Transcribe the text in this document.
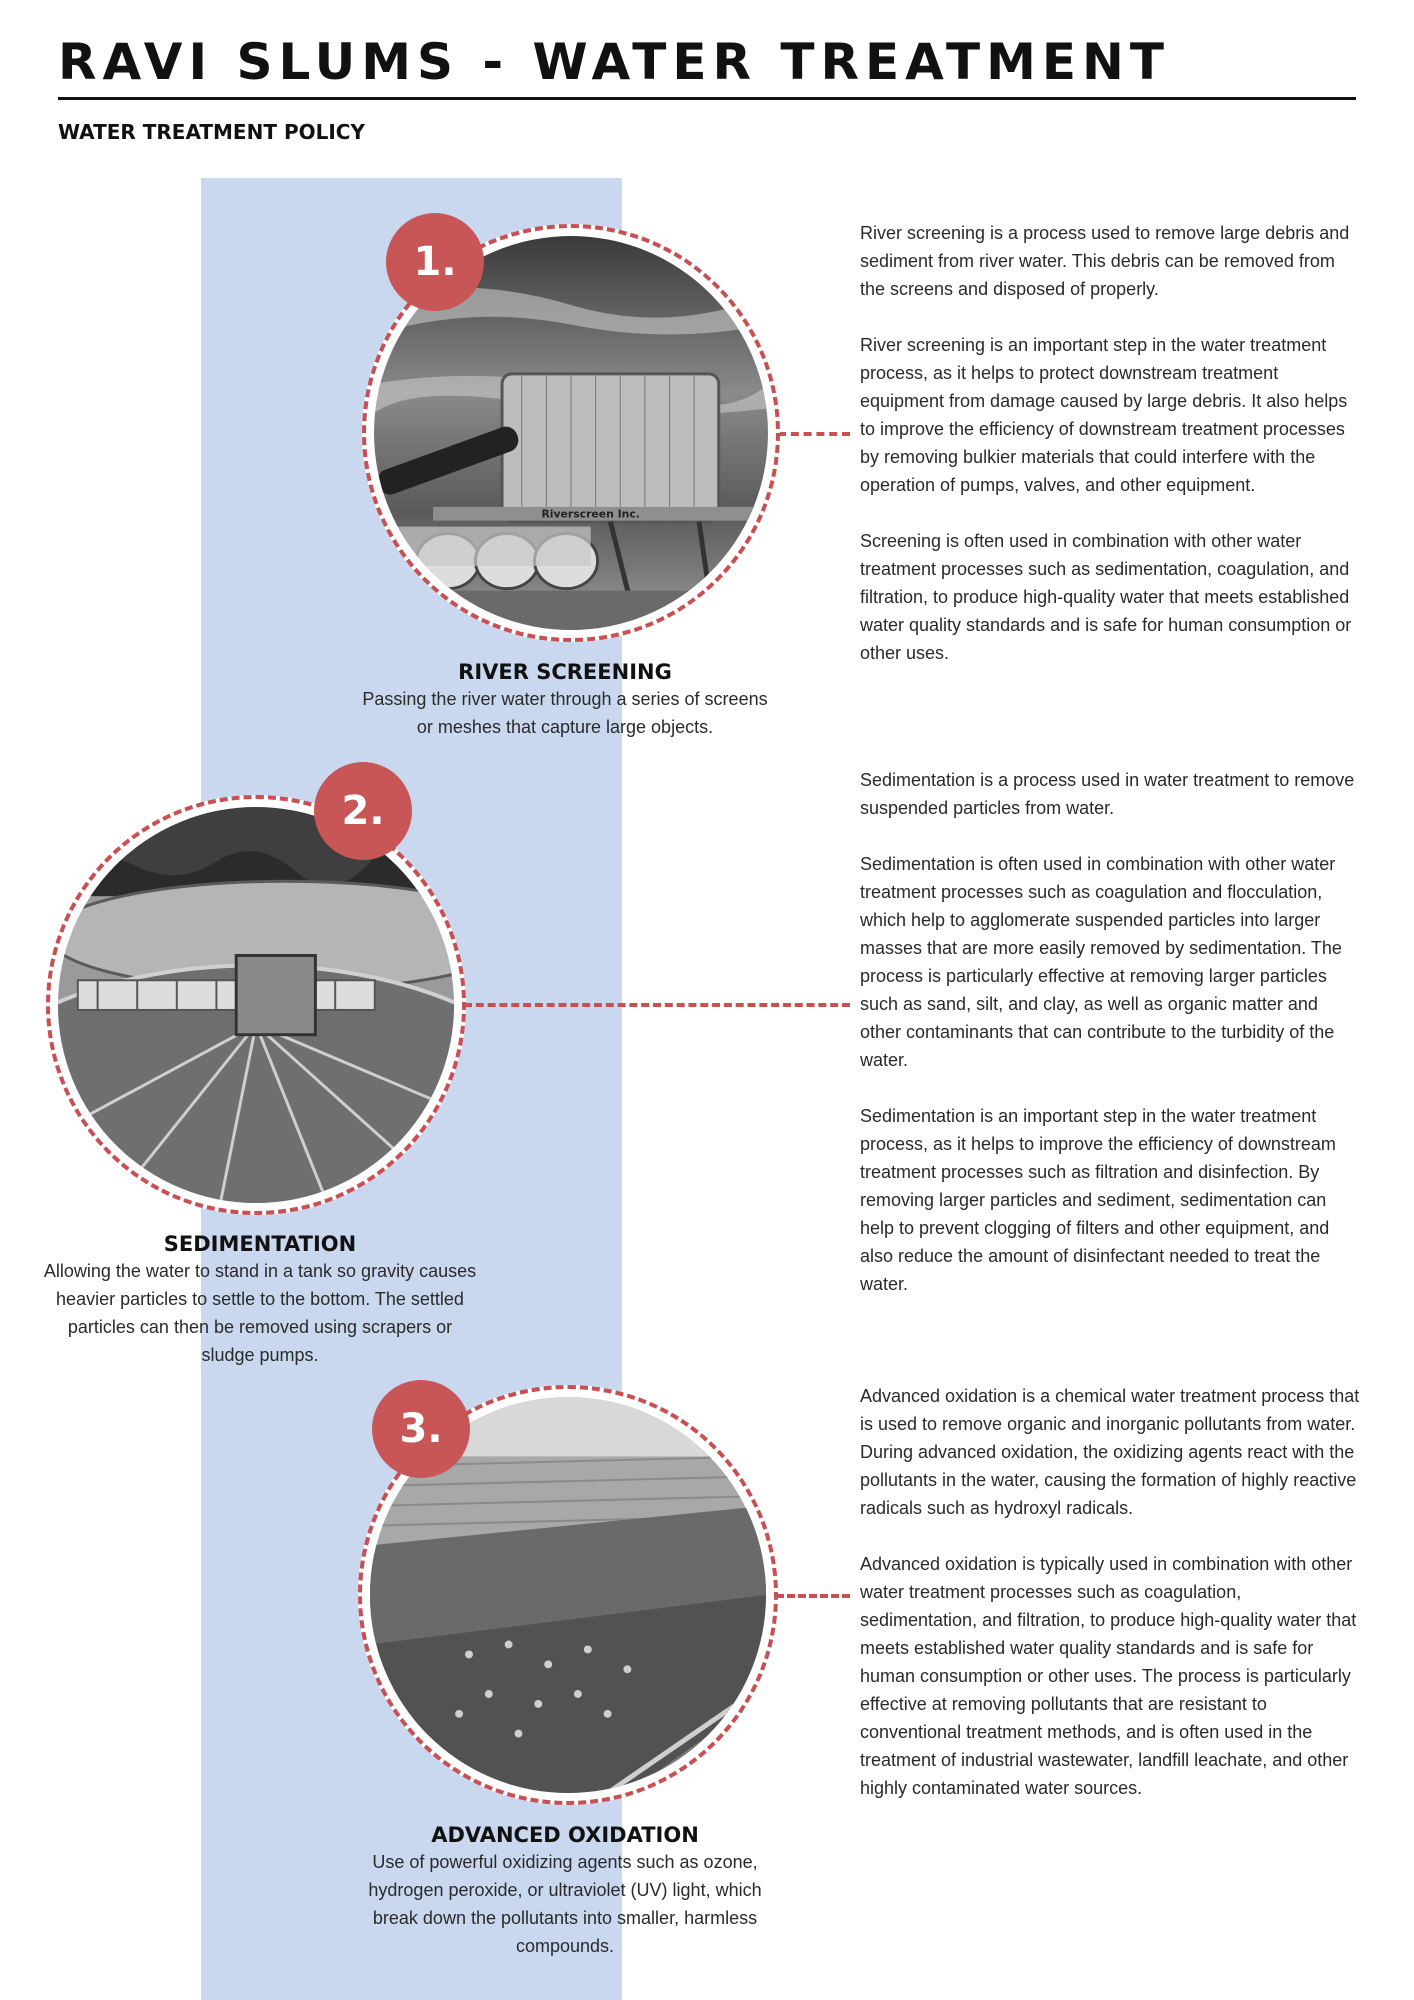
RAVI SLUMS - WATER TREATMENT
WATER TREATMENT POLICY
Riverscreen Inc.
1.
RIVER SCREENING

Passing the river water through a series of screens or meshes that capture large objects.

River screening is a process used to remove large debris and sediment from river water. This debris can be removed from the screens and disposed of properly.

River screening is an important step in the water treatment process, as it helps to protect downstream treatment equipment from damage caused by large debris. It also helps to improve the efficiency of downstream treatment processes by removing bulkier materials that could interfere with the operation of pumps, valves, and other equipment.

Screening is often used in combination with other water treatment processes such as sedimentation, coagulation, and filtration, to produce high-quality water that meets established water quality standards and is safe for human consumption or other uses.

2.
SEDIMENTATION

Allowing the water to stand in a tank so gravity causes heavier particles to settle to the bottom. The settled particles can then be removed using scrapers or sludge pumps.

Sedimentation is a process used in water treatment to remove suspended particles from water.

Sedimentation is often used in combination with other water treatment processes such as coagulation and flocculation, which help to agglomerate suspended particles into larger masses that are more easily removed by sedimentation. The process is particularly effective at removing larger particles such as sand, silt, and clay, as well as organic matter and other contaminants that can contribute to the turbidity of the water.

Sedimentation is an important step in the water treatment process, as it helps to improve the efficiency of downstream treatment processes such as filtration and disinfection. By removing larger particles and sediment, sedimentation can help to prevent clogging of filters and other equipment, and also reduce the amount of disinfectant needed to treat the water.

3.
ADVANCED OXIDATION

Use of powerful oxidizing agents such as ozone, hydrogen peroxide, or ultraviolet (UV) light, which break down the pollutants into smaller, harmless compounds.

Advanced oxidation is a chemical water treatment process that is used to remove organic and inorganic pollutants from water. During advanced oxidation, the oxidizing agents react with the pollutants in the water, causing the formation of highly reactive radicals such as hydroxyl radicals.

Advanced oxidation is typically used in combination with other water treatment processes such as coagulation, sedimentation, and filtration, to produce high-quality water that meets established water quality standards and is safe for human consumption or other uses. The process is particularly effective at removing pollutants that are resistant to conventional treatment methods, and is often used in the treatment of industrial wastewater, landfill leachate, and other highly contaminated water sources.
